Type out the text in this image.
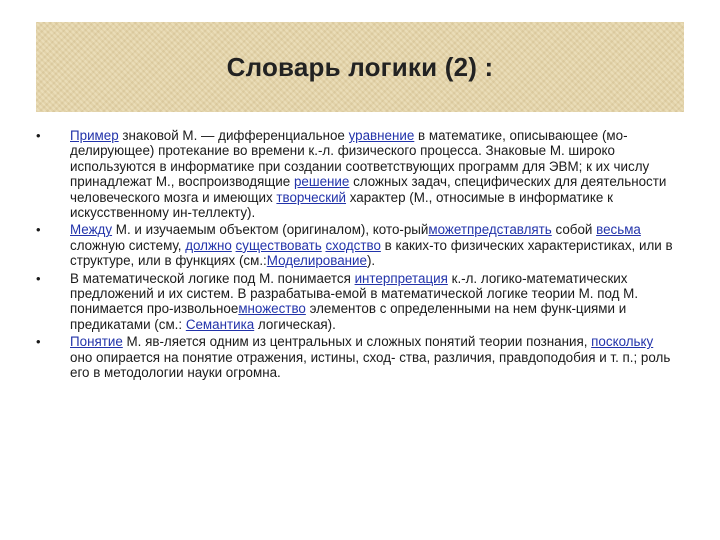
Словарь логики (2) :
• Пример знаковой М. — дифференциальное уравнение в математике, описывающее (мо-делирующее) протекание во времени к.-л. физического процесса. Знаковые М. широко используются в информатике при создании соответствующих программ для ЭВМ; к их числу принадлежат М., воспроизводящие решение сложных задач, специфических для деятельности человеческого мозга и имеющих творческий характер (М., относимые в информатике к искусственному ин-теллекту).
• Между М. и изучаемым объектом (оригиналом), кото-рыйможетпредставлять собой весьма сложную систему, должно существовать сходство в каких-то физических характеристиках, или в структуре, или в функциях (см.:Моделирование).
• В математической логике под М. понимается интерпретация к.-л. логико-математических предложений и их систем. В разрабатыва-емой в математической логике теории М. под М. понимается про-извольноемножество элементов с определенными на нем функ-циями и предикатами (см.: Семантика логическая).
• Понятие М. яв-ляется одним из центральных и сложных понятий теории познания, поскольку оно опирается на понятие отражения, истины, сход- ства, различия, правдоподобия и т. п.; роль его в методологии науки огромна.
